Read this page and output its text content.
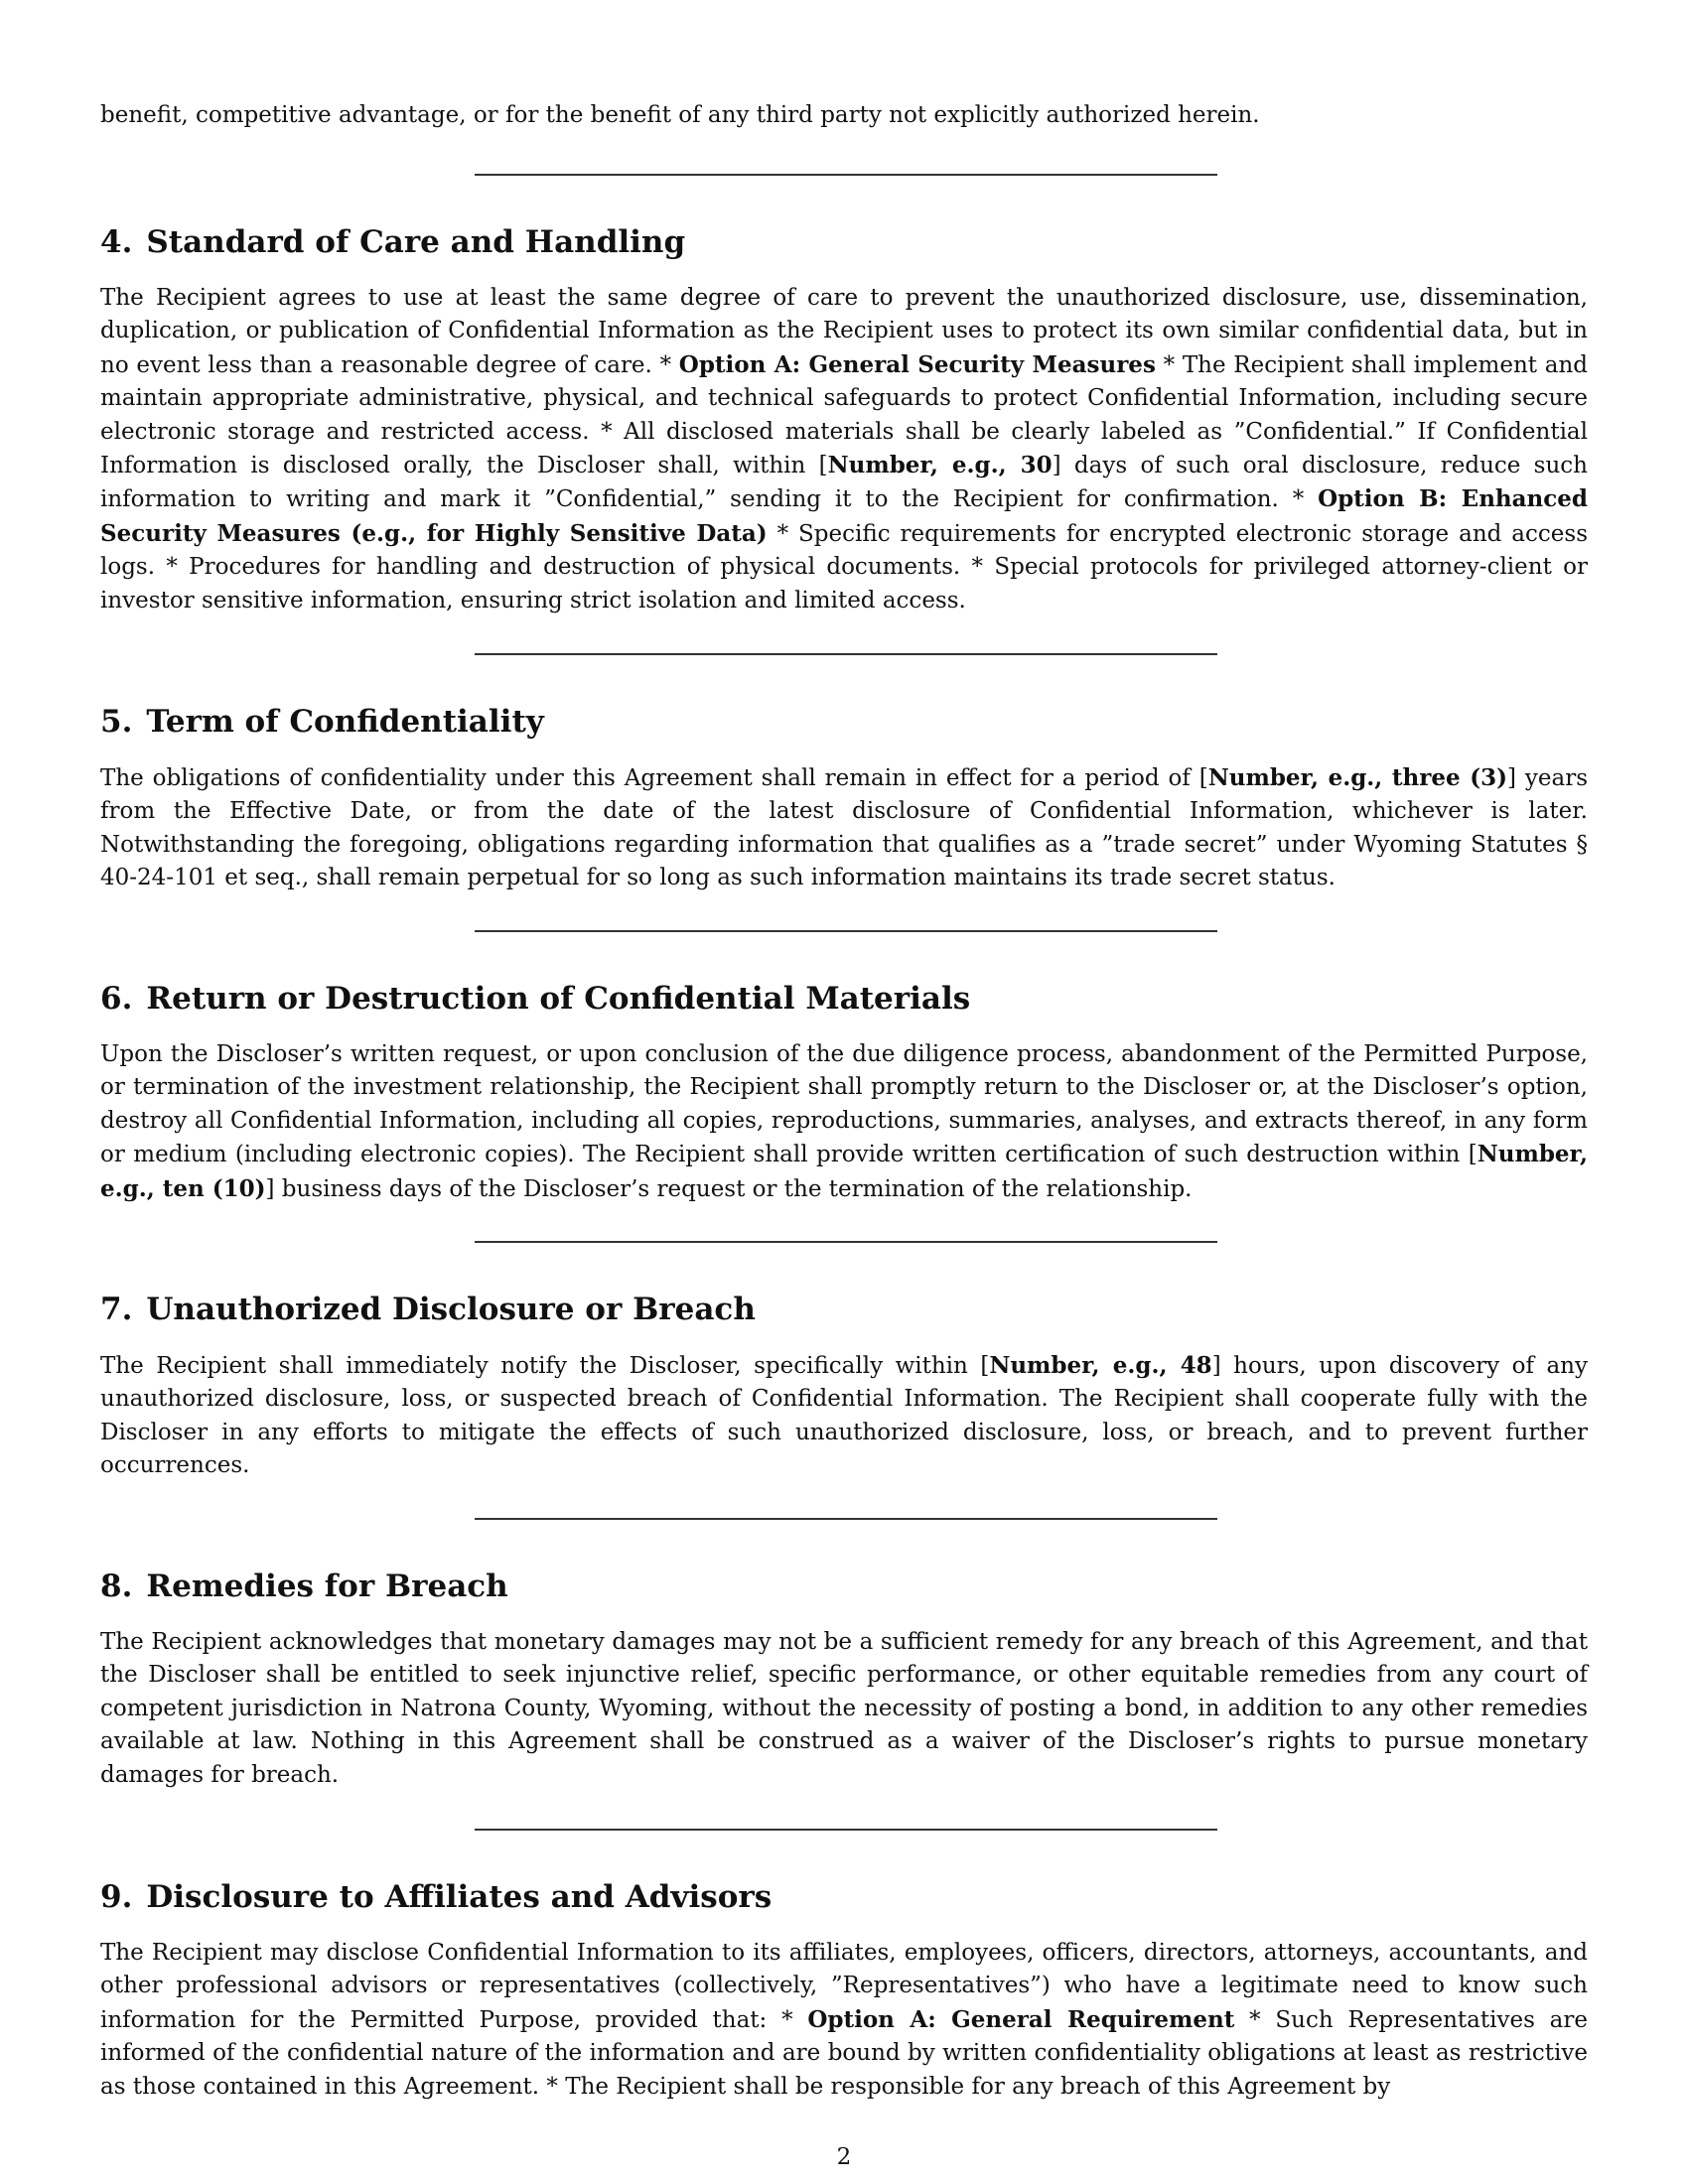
benefit, competitive advantage, or for the benefit of any third party not explicitly authorized herein.

4. Standard of Care and Handling

The Recipient agrees to use at least the same degree of care to prevent the unauthorized disclosure, use, dissemination, duplication, or publication of Confidential Information as the Recipient uses to protect its own similar confidential data, but in no event less than a reasonable degree of care. * Option A: General Security Measures * The Recipient shall implement and maintain appropriate administrative, physical, and technical safeguards to protect Confidential Information, including secure electronic storage and restricted access. * All disclosed materials shall be clearly labeled as ”Confidential.” If Confidential Information is disclosed orally, the Discloser shall, within [Number, e.g., 30] days of such oral disclosure, reduce such information to writing and mark it ”Confidential,” sending it to the Recipient for confirmation. * Option B: Enhanced Security Measures (e.g., for Highly Sensitive Data) * Specific requirements for encrypted electronic storage and access logs. * Procedures for handling and destruction of physical documents. * Special protocols for privileged attorney-client or investor sensitive information, ensuring strict isolation and limited access.

5. Term of Confidentiality

The obligations of confidentiality under this Agreement shall remain in effect for a period of [Number, e.g., three (3)] years from the Effective Date, or from the date of the latest disclosure of Confidential Information, whichever is later. Notwithstanding the foregoing, obligations regarding information that qualifies as a ”trade secret” under Wyoming Statutes § 40-24-101 et seq., shall remain perpetual for so long as such information maintains its trade secret status.

6. Return or Destruction of Confidential Materials

Upon the Discloser’s written request, or upon conclusion of the due diligence process, abandonment of the Permitted Purpose, or termination of the investment relationship, the Recipient shall promptly return to the Discloser or, at the Discloser’s option, destroy all Confidential Information, including all copies, reproductions, summaries, analyses, and extracts thereof, in any form or medium (including electronic copies). The Recipient shall provide written certification of such destruction within [Number, e.g., ten (10)] business days of the Discloser’s request or the termination of the relationship.

7. Unauthorized Disclosure or Breach

The Recipient shall immediately notify the Discloser, specifically within [Number, e.g., 48] hours, upon discovery of any unauthorized disclosure, loss, or suspected breach of Confidential Information. The Recipient shall cooperate fully with the Discloser in any efforts to mitigate the effects of such unauthorized disclosure, loss, or breach, and to prevent further occurrences.

8. Remedies for Breach

The Recipient acknowledges that monetary damages may not be a sufficient remedy for any breach of this Agreement, and that the Discloser shall be entitled to seek injunctive relief, specific performance, or other equitable remedies from any court of competent jurisdiction in Natrona County, Wyoming, without the necessity of posting a bond, in addition to any other remedies available at law. Nothing in this Agreement shall be construed as a waiver of the Discloser’s rights to pursue monetary damages for breach.

9. Disclosure to Affiliates and Advisors

The Recipient may disclose Confidential Information to its affiliates, employees, officers, directors, attorneys, accountants, and other professional advisors or representatives (collectively, ”Representatives”) who have a legitimate need to know such information for the Permitted Purpose, provided that: * Option A: General Requirement * Such Representatives are informed of the confidential nature of the information and are bound by written confidentiality obligations at least as restrictive as those contained in this Agreement. * The Recipient shall be responsible for any breach of this Agreement by

2
